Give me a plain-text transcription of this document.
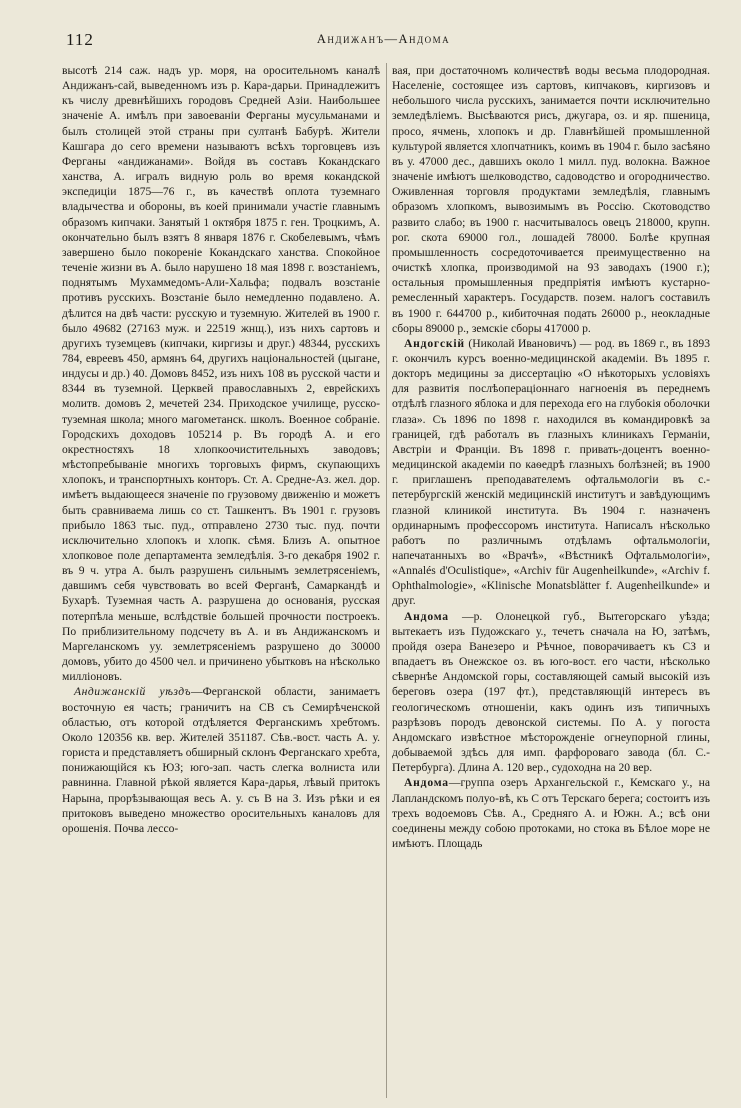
112	Андижанъ—Андома

высотѣ 214 саж. надъ ур. моря, на оросительномъ каналѣ Андижанъ-сай, выведенномъ изъ р. Кара-дарьи. Принадлежитъ къ числу древнѣйшихъ городовъ Средней Азіи. Наибольшее значеніе А. имѣлъ при завоеваніи Ферганы мусульманами и былъ столицей этой страны при султанѣ Бабурѣ. Жители Кашгара до сего времени называютъ всѣхъ торговцевъ изъ Ферганы «андижанами». Войдя въ составъ Кокандскаго ханства, А. игралъ видную роль во время кокандской экспедиціи 1875—76 г., въ качествѣ оплота туземнаго владычества и обороны, въ коей принимали участіе главнымъ образомъ кипчаки. Занятый 1 октября 1875 г. ген. Троцкимъ, А. окончательно былъ взятъ 8 января 1876 г. Скобелевымъ, чѣмъ завершено было покореніе Кокандскаго ханства. Спокойное теченіе жизни въ А. было нарушено 18 мая 1898 г. возстаніемъ, поднятымъ Мухаммедомъ-Али-Хальфа; подвалъ возстаніе противъ русскихъ. Возстаніе было немедленно подавлено. А. дѣлится на двѣ части: русскую и туземную. Жителей въ 1900 г. было 49682 (27163 муж. и 22519 жнщ.), изъ нихъ сартовъ и другихъ туземцевъ (кипчаки, киргизы и друг.) 48344, русскихъ 784, евреевъ 450, армянъ 64, другихъ національностей (цыгане, индусы и др.) 40. Домовъ 8452, изъ нихъ 108 въ русской части и 8344 въ туземной. Церквей православныхъ 2, еврейскихъ молитв. домовъ 2, мечетей 234. Приходское училище, русско-туземная школа; много магометанск. школъ. Военное собраніе. Городскихъ доходовъ 105214 р. Въ городѣ А. и его окрестностяхъ 18 хлопкоочистительныхъ заводовъ; мѣстопребываніе многихъ торговыхъ фирмъ, скупающихъ хлопокъ, и транспортныхъ конторъ. Ст. А. Средне-Аз. жел. дор. имѣетъ выдающееся значеніе по грузовому движенію и можетъ быть сравниваема лишь со ст. Ташкентъ. Въ 1901 г. грузовъ прибыло 1863 тыс. пуд., отправлено 2730 тыс. пуд. почти исключительно хлопокъ и хлопк. сѣмя. Близъ А. опытное хлопковое поле департамента земледѣлія. 3-го декабря 1902 г. въ 9 ч. утра А. былъ разрушенъ сильнымъ землетрясеніемъ, давшимъ себя чувствовать во всей Ферганѣ, Самаркандѣ и Бухарѣ. Туземная часть А. разрушена до основанія, русская потерпѣла меньше, вслѣдствіе большей прочности построекъ. По приблизительному подсчету въ А. и въ Андижанскомъ и Маргеланскомъ уу. землетрясеніемъ разрушено до 30000 домовъ, убито до 4500 чел. и причинено убытковъ на нѣсколько милліоновъ.

Андижанскій уѣздъ—Ферганской области, занимаетъ восточную ея часть; граничитъ на СВ съ Семирѣченской областью, отъ которой отдѣляется Ферганскимъ хребтомъ. Около 120356 кв. вер. Жителей 351187. Сѣв.-вост. часть А. у. гориста и представляетъ обширный склонъ Ферганскаго хребта, понижающійся къ ЮЗ; юго-зап. часть слегка волниста или равнинна. Главной рѣкой является Кара-дарья, лѣвый притокъ Нарына, прорѣзывающая весь А. у. съ В на З. Изъ рѣки и ея притоковъ выведено множество оросительныхъ каналовъ для орошенія. Почва лессо-

вая, при достаточномъ количествѣ воды весьма плодородная. Населеніе, состоящее изъ сартовъ, кипчаковъ, киргизовъ и небольшого числа русскихъ, занимается почти исключительно земледѣліемъ. Высѣваются рисъ, джугара, оз. и яр. пшеница, просо, ячмень, хлопокъ и др. Главнѣйшей промышленной культурой является хлопчатникъ, коимъ въ 1904 г. было засѣяно въ у. 47000 дес., давшихъ около 1 милл. пуд. волокна. Важное значеніе имѣютъ шелководство, садоводство и огородничество. Оживленная торговля продуктами земледѣлія, главнымъ образомъ хлопкомъ, вывозимымъ въ Россію. Скотоводство развито слабо; въ 1900 г. насчитывалось овецъ 218000, крупн. рог. скота 69000 гол., лошадей 78000. Болѣе крупная промышленность сосредоточивается преимущественно на очисткѣ хлопка, производимой на 93 заводахъ (1900 г.); остальныя промышленныя предпріятія имѣютъ кустарно-ремесленный характеръ. Государств. позем. налогъ составилъ въ 1900 г. 644700 р., кибиточная подать 26000 р., неокладные сборы 89000 р., земскіе сборы 417000 р.

Андогскій (Николай Ивановичъ) — род. въ 1869 г., въ 1893 г. окончилъ курсъ военно-медицинской академіи. Въ 1895 г. докторъ медицины за диссертацію «О нѣкоторыхъ условіяхъ для развитія послѣопераціоннаго нагноенія въ переднемъ отдѣлѣ глазного яблока и для перехода его на глубокія оболочки глаза». Съ 1896 по 1898 г. находился въ командировкѣ за границей, гдѣ работалъ въ глазныхъ клиникахъ Германіи, Австріи и Франціи. Въ 1898 г. привать-доцентъ военно-медицинской академіи по каѳедрѣ глазныхъ болѣзней; въ 1900 г. приглашенъ преподавателемъ офтальмологіи въ с.-петербургскій женскій медицинскій институтъ и завѣдующимъ глазной клиникой института. Въ 1904 г. назначенъ ординарнымъ профессоромъ института. Написалъ нѣсколько работъ по различнымъ отдѣламъ офтальмологіи, напечатанныхъ во «Врачѣ», «Вѣстникѣ Офтальмологіи», «Annalés d'Oculistique», «Archiv für Augenheilkunde», «Archiv f. Ophthalmologie», «Klinische Monatsblätter f. Augenheilkunde» и друг.

Андома —р. Олонецкой губ., Вытегорскаго уѣзда; вытекаетъ изъ Пудожскаго у., течетъ сначала на Ю, затѣмъ, пройдя озера Ванезеро и Рѣчное, поворачиваетъ къ СЗ и впадаетъ въ Онежское оз. въ юго-вост. его части, нѣсколько сѣвернѣе Андомской горы, составляющей самый высокій изъ береговъ озера (197 фт.), представляющій интересъ въ геологическомъ отношеніи, какъ одинъ изъ типичныхъ разрѣзовъ породъ девонской системы. По А. у погоста Андомскаго извѣстное мѣсторожденіе огнеупорной глины, добываемой здѣсь для имп. фарфороваго завода (бл. С.-Петербурга). Длина А. 120 вер., судоходна на 20 вер.

Андома—группа озеръ Архангельской г., Кемскаго у., на Лапландскомъ полуо-вѣ, къ С отъ Терскаго берега; состоитъ изъ трехъ водоемовъ Сѣв. А., Средняго А. и Южн. А.; всѣ они соединены между собою протоками, но стока въ Бѣлое море не имѣютъ. Площадь
